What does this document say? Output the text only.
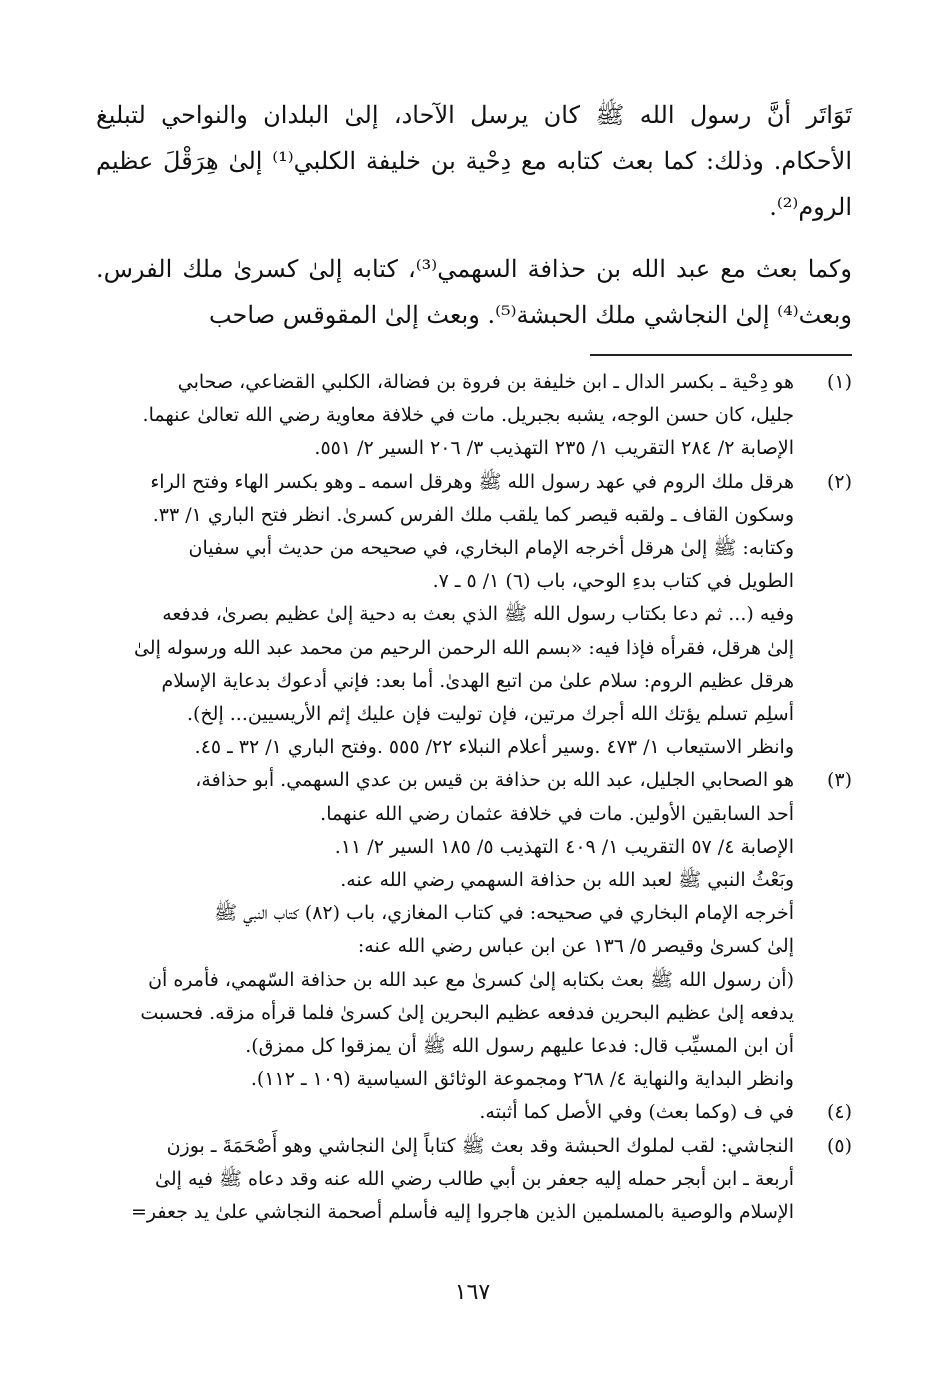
تَوَاتَر أنَّ رسول الله ﷺ كان يرسل الآحاد، إلىٰ البلدان والنواحي لتبليغ الأحكام. وذلك: كما بعث كتابه مع دِحْية بن خليفة الكلبي⁽¹⁾ إلىٰ هِرَقْلَ عظيم الروم⁽²⁾.

وكما بعث مع عبد الله بن حذافة السهمي⁽³⁾، كتابه إلىٰ كسرىٰ ملك الفرس. وبعث⁽⁴⁾ إلىٰ النجاشي ملك الحبشة⁽⁵⁾. وبعث إلىٰ المقوقس صاحب

(١)

هو دِحْية ـ بكسر الدال ـ ابن خليفة بن فروة بن فضالة، الكلبي القضاعي، صحابي

جليل، كان حسن الوجه، يشبه بجبريل. مات في خلافة معاوية رضي الله تعالىٰ عنهما.

الإصابة ٢/ ٢٨٤ التقريب ١/ ٢٣٥ التهذيب ٣/ ٢٠٦ السير ٢/ ٥٥١.

(٢)

هرقل ملك الروم في عهد رسول الله ﷺ وهرقل اسمه ـ وهو بكسر الهاء وفتح الراء

وسكون القاف ـ ولقبه قيصر كما يلقب ملك الفرس كسرىٰ. انظر فتح الباري ١/ ٣٣.

وكتابه: ﷺ إلىٰ هرقل أخرجه الإمام البخاري، في صحيحه من حديث أبي سفيان

الطويل في كتاب بدءِ الوحي، باب (٦) ١/ ٥ ـ ٧.

وفيه (... ثم دعا بكتاب رسول الله ﷺ الذي بعث به دحية إلىٰ عظيم بصرىٰ، فدفعه

إلىٰ هرقل، فقرأه فإذا فيه: «بسم الله الرحمن الرحيم من محمد عبد الله ورسوله إلىٰ

هرقل عظيم الروم: سلام علىٰ من اتبع الهدىٰ. أما بعد: فإني أدعوك بدعاية الإسلام

أسلِم تسلم يؤتك الله أجرك مرتين، فإن توليت فإن عليك إثم الأريسيين... إلخ).

وانظر الاستيعاب ١/ ٤٧٣ .وسير أعلام النبلاء ٢٢/ ٥٥٥ .وفتح الباري ١/ ٣٢ ـ ٤٥.

(٣)

هو الصحابي الجليل، عبد الله بن حذافة بن قيس بن عدي السهمي. أبو حذافة،

أحد السابقين الأولين. مات في خلافة عثمان رضي الله عنهما.

الإصابة ٤/ ٥٧ التقريب ١/ ٤٠٩ التهذيب ٥/ ١٨٥ السير ٢/ ١١.

وبَعْثُ النبي ﷺ لعبد الله بن حذافة السهمي رضي الله عنه.

أخرجه الإمام البخاري في صحيحه: في كتاب المغازي، باب (٨٢) كتاب النبي ﷺ

إلىٰ كسرىٰ وقيصر ٥/ ١٣٦ عن ابن عباس رضي الله عنه:

(أن رسول الله ﷺ بعث بكتابه إلىٰ كسرىٰ مع عبد الله بن حذافة السّهمي، فأمره أن

يدفعه إلىٰ عظيم البحرين فدفعه عظيم البحرين إلىٰ كسرىٰ فلما قرأه مزقه. فحسبت

أن ابن المسيِّب قال: فدعا عليهم رسول الله ﷺ أن يمزقوا كل ممزق).

وانظر البداية والنهاية ٤/ ٢٦٨ ومجموعة الوثائق السياسية (١٠٩ ـ ١١٢).

(٤)

في ف (وكما بعث) وفي الأصل كما أثبته.

(٥)

النجاشي: لقب لملوك الحبشة وقد بعث ﷺ كتاباً إلىٰ النجاشي وهو أَصْحَمَةَ ـ بوزن

أربعة ـ ابن أبجر حمله إليه جعفر بن أبي طالب رضي الله عنه وقد دعاه ﷺ فيه إلىٰ

الإسلام والوصية بالمسلمين الذين هاجروا إليه فأسلم أصحمة النجاشي علىٰ يد جعفر=

١٦٧
